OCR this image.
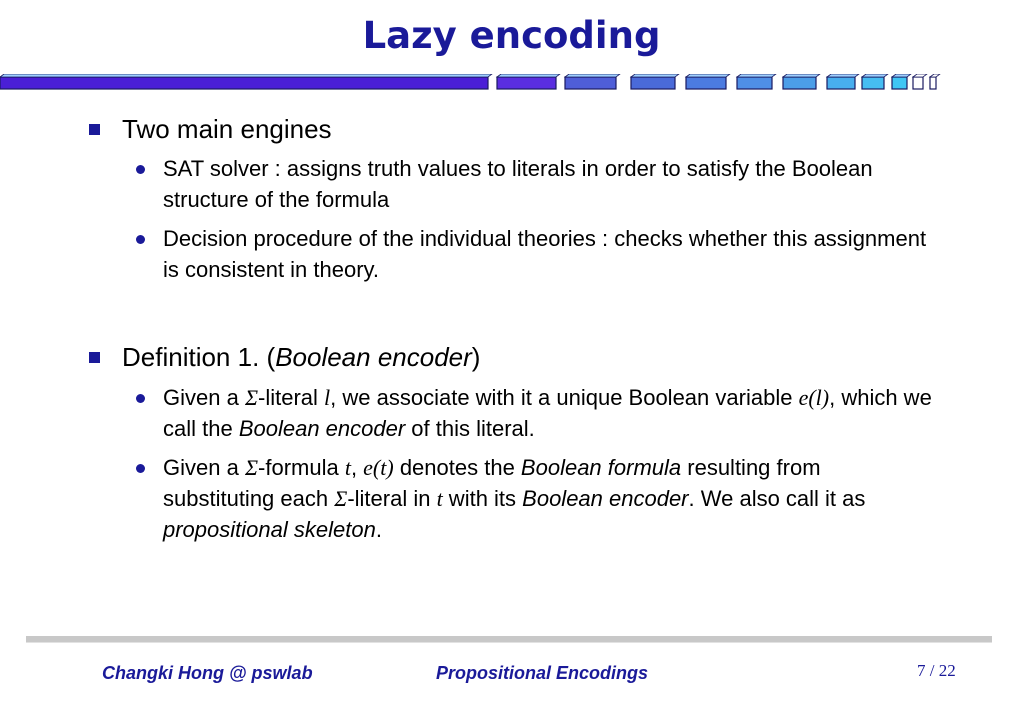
Lazy encoding
Two main engines
SAT solver : assigns truth values to literals in order to satisfy the Boolean structure of the formula
Decision procedure of the individual theories : checks whether this assignment is consistent in theory.
Definition 1. (Boolean encoder)
Given a Σ-literal l, we associate with it a unique Boolean variable e(l), which we call the Boolean encoder of this literal.
Given a Σ-formula t, e(t) denotes the Boolean formula resulting from substituting each Σ-literal in t with its Boolean encoder. We also call it as propositional skeleton.
Changki Hong @ pswlab	Propositional Encodings	7 / 22
